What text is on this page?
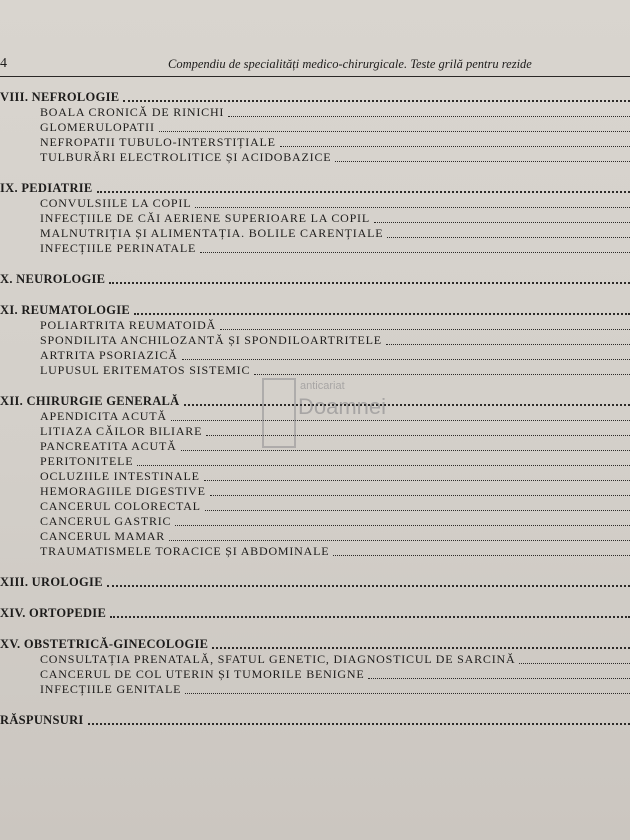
4	Compendiu de specialități medico-chirurgicale. Teste grilă pentru rezide
VIII. NEFROLOGIE
BOALA CRONICĂ DE RINICHI
GLOMERULOPATII
NEFROPATII TUBULO-INTERSTIȚIALE
TULBURĂRI ELECTROLITICE ȘI ACIDOBAZICE
IX. PEDIATRIE
CONVULSIILE LA COPIL
INFECȚIILE DE CĂI AERIENE SUPERIOARE LA COPIL
MALNUTRIȚIA ȘI ALIMENTAȚIA. BOLILE CARENȚIALE
INFECȚIILE PERINATALE
X. NEUROLOGIE
XI. REUMATOLOGIE
POLIARTRITA REUMATOIDĂ
SPONDILITA ANCHILOZANTĂ ȘI SPONDILOARTRITELE
ARTRITA PSORIAZICĂ
LUPUSUL ERITEMATOS SISTEMIC
XII. CHIRURGIE GENERALĂ
APENDICITA ACUTĂ
LITIAZA CĂILOR BILIARE
PANCREATITA ACUTĂ
PERITONITELE
OCLUZIILE INTESTINALE
HEMORAGIILE DIGESTIVE
CANCERUL COLORECTAL
CANCERUL GASTRIC
CANCERUL MAMAR
TRAUMATISMELE TORACICE ȘI ABDOMINALE
XIII. UROLOGIE
XIV. ORTOPEDIE
XV. OBSTETRICĂ-GINECOLOGIE
CONSULTAȚIA PRENATALĂ, SFATUL GENETIC, DIAGNOSTICUL DE SARCINĂ
CANCERUL DE COL UTERIN ȘI TUMORILE BENIGNE
INFECȚIILE GENITALE
RĂSPUNSURI
anticariat
Doamnei
